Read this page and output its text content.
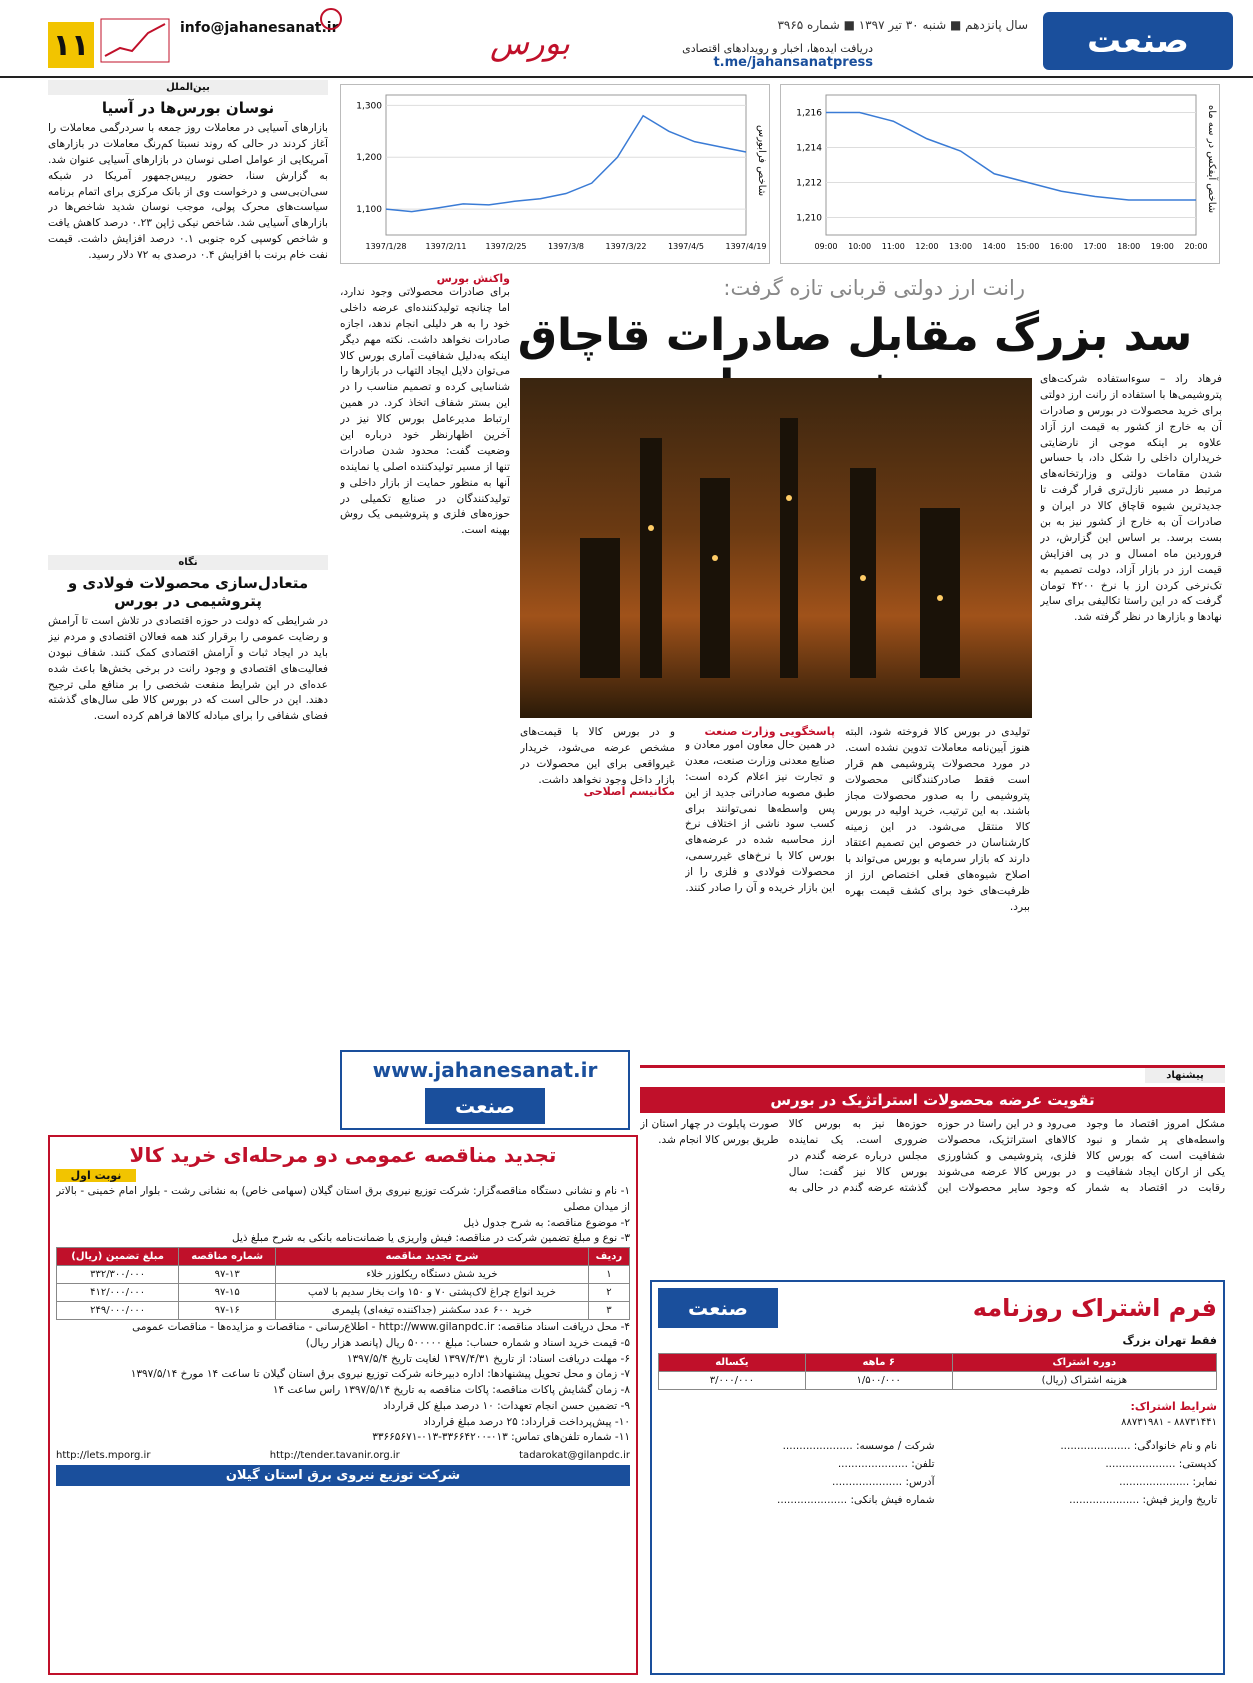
صنعت
سال پانزدهم ■ شنبه ۳۰ تیر ۱۳۹۷ ■ شماره ۳۹۶۵
دریافت ایده‌ها، اخبار و رویدادهای اقتصادی
t.me/jahansanatpress
بورس
info@jahanesanat.ir
۱۱
1,216
1,214
1,212
1,210
09:00 10:00 11:00 12:00 13:00 14:00 15:00 16:00 17:00 18:00 19:00 20:00
شاخص آیفکس در سه ماه
1,300
1,200
1,100
1397/1/28 1397/2/11 1397/2/25	1397/3/8	1397/3/22	1397/4/5	1397/4/19
شاخص فرابورس
بین‌الملل
نوسان بورس‌ها در آسیا
بازارهای آسیایی در معاملات روز جمعه با سردرگمی معاملات را آغاز کردند در حالی که روند نسبتا کم‌رنگ معاملات در بازارهای آمریکایی از عوامل اصلی نوسان در بازارهای آسیایی عنوان شد. به گزارش سنا، حضور رییس‌جمهور آمریکا در شبکه سی‌ان‌بی‌سی و درخواست وی از بانک مرکزی برای اتمام برنامه سیاست‌های محرک پولی، موجب نوسان شدید شاخص‌ها در بازارهای آسیایی شد. شاخص نیکی ژاپن ۰.۲۳ درصد کاهش یافت و شاخص کوسپی کره جنوبی ۰.۱ درصد افزایش داشت. قیمت نفت خام برنت با افزایش ۰.۴ درصدی به ۷۲ دلار رسید.
نگاه
متعادل‌سازی محصولات فولادی و پتروشیمی در بورس
در شرایطی که دولت در حوزه اقتصادی در تلاش است تا آرامش و رضایت عمومی را برقرار کند همه فعالان اقتصادی و مردم نیز باید در ایجاد ثبات و آرامش اقتصادی کمک کنند. شفاف نبودن فعالیت‌های اقتصادی و وجود رانت در برخی بخش‌ها باعث شده عده‌ای در این شرایط منفعت شخصی را بر منافع ملی ترجیح دهند. این در حالی است که در بورس کالا طی سال‌های گذشته فضای شفافی را برای مبادله کالاها فراهم کرده است.
رانت ارز دولتی قربانی تازه گرفت:
سد بزرگ مقابل صادرات قاچاق
فرهاد راد – سوءاستفاده شرکت‌های پتروشیمی‌ها با استفاده از رانت ارز دولتی برای خرید محصولات در بورس و صادرات آن به خارج از کشور به قیمت ارز آزاد علاوه بر اینکه موجی از نارضایتی خریداران داخلی را شکل داد، با حساس شدن مقامات دولتی و وزارتخانه‌های مرتبط در مسیر نازل‌تری قرار گرفت تا جدیدترین شیوه قاچاق کالا در ایران و صادرات آن به خارج از کشور نیز به بن بست برسد. بر اساس این گزارش، در فروردین ماه امسال و در پی افزایش قیمت ارز در بازار آزاد، دولت تصمیم به تک‌نرخی کردن ارز با نرخ ۴۲۰۰ تومان گرفت که در این راستا تکالیفی برای سایر نهادها و بازارها در نظر گرفته شد.
تولیدی در بورس کالا فروخته شود، البته هنوز آیین‌نامه معاملات تدوین نشده است. در مورد محصولات پتروشیمی هم قرار است فقط صادرکنندگانی محصولات پتروشیمی را به صدور محصولات مجاز باشند. به این ترتیب، خرید اولیه در بورس کالا منتقل می‌شود. در این زمینه کارشناسان در خصوص این تصمیم اعتقاد دارند که بازار سرمایه و بورس می‌تواند با اصلاح شیوه‌های فعلی اختصاص ارز از ظرفیت‌های خود برای کشف قیمت بهره ببرد.
پاسخگویی وزارت صنعت
در همین حال معاون امور معادن و صنایع معدنی وزارت صنعت، معدن و تجارت نیز اعلام کرده است: طبق مصوبه صادراتی جدید از این پس واسطه‌ها نمی‌توانند برای کسب سود ناشی از اختلاف نرخ ارز محاسبه شده در عرضه‌های بورس کالا با نرخ‌های غیررسمی، محصولات فولادی و فلزی را از این بازار خریده و آن را صادر کنند.
و در بورس کالا با قیمت‌های مشخص عرضه می‌شود، خریدار غیرواقعی برای این محصولات در بازار داخل وجود نخواهد داشت.
مکانیسم اصلاحی
واکنش بورس
برای صادرات محصولاتی وجود ندارد، اما چنانچه تولیدکننده‌ای عرضه داخلی خود را به هر دلیلی انجام ندهد، اجازه صادرات نخواهد داشت. نکته مهم دیگر اینکه به‌دلیل شفافیت آماری بورس کالا می‌توان دلایل ایجاد التهاب در بازارها را شناسایی کرده و تصمیم مناسب را در این بستر شفاف اتخاذ کرد. در همین ارتباط مدیرعامل بورس کالا نیز در آخرین اظهارنظر خود درباره این وضعیت گفت: محدود شدن صادرات تنها از مسیر تولیدکننده اصلی یا نماینده آنها به منظور حمایت از بازار داخلی و تولیدکنندگان در صنایع تکمیلی در حوزه‌های فلزی و پتروشیمی یک روش بهینه است.
www.jahanesanat.ir
صنعت
پیشنهاد
تقویت عرضه محصولات استراتژیک در بورس
مشکل امروز اقتصاد ما وجود واسطه‌های پر شمار و نبود شفافیت است که بورس کالا یکی از ارکان ایجاد شفافیت و رقابت در اقتصاد به شمار می‌رود و در این راستا در حوزه کالاهای استراتژیک، محصولات فلزی، پتروشیمی و کشاورزی در بورس کالا عرضه می‌شوند که وجود سایر محصولات این حوزه‌ها نیز به بورس کالا ضروری است. یک نماینده مجلس درباره عرضه گندم در بورس کالا نیز گفت: سال گذشته عرضه گندم در حالی به صورت پایلوت در چهار استان از طریق بورس کالا انجام شد.
تجدید مناقصه عمومی دو مرحله‌ای خرید کالا
نوبت اول
۱- نام و نشانی دستگاه مناقصه‌گزار: شرکت توزیع نیروی برق استان گیلان (سهامی خاص) به نشانی رشت - بلوار امام خمینی - بالاتر از میدان مصلی
۲- موضوع مناقصه: به شرح جدول ذیل
۳- نوع و مبلغ تضمین شرکت در مناقصه: فیش واریزی یا ضمانت‌نامه بانکی به شرح مبلغ ذیل
ردیف	شرح تجدید مناقصه	شماره مناقصه	مبلغ تضمین (ریال)
۱	خرید شش دستگاه ریکلوزر خلاء	۹۷-۱۳	۳۳۲/۳۰۰/۰۰۰
۲	خرید انواع چراغ لاک‌پشتی ۷۰ و ۱۵۰ وات بخار سدیم با لامپ	۹۷-۱۵	۴۱۲/۰۰۰/۰۰۰
۳	خرید ۶۰۰ عدد سکشنر (جداکننده تیغه‌ای) پلیمری	۹۷-۱۶	۲۴۹/۰۰۰/۰۰۰
۴- محل دریافت اسناد مناقصه: http://www.gilanpdc.ir - اطلاع‌رسانی - مناقصات و مزایده‌ها - مناقصات عمومی
۵- قیمت خرید اسناد و شماره حساب: مبلغ ۵۰۰۰۰۰ ریال (پانصد هزار ریال)
۶- مهلت دریافت اسناد: از تاریخ ۱۳۹۷/۴/۳۱ لغایت تاریخ ۱۳۹۷/۵/۴
۷- زمان و محل تحویل پیشنهادها: اداره دبیرخانه شرکت توزیع نیروی برق استان گیلان تا ساعت ۱۴ مورخ ۱۳۹۷/۵/۱۴
۸- زمان گشایش پاکات مناقصه: پاکات مناقصه به تاریخ ۱۳۹۷/۵/۱۴ راس ساعت ۱۴
۹- تضمین حسن انجام تعهدات: ۱۰ درصد مبلغ کل قرارداد
۱۰- پیش‌پرداخت قرارداد: ۲۵ درصد مبلغ قرارداد
۱۱- شماره تلفن‌های تماس: ۰۱۳-۳۳۶۶۴۲۰۰-۰۱۳-۳۳۶۶۵۶۷۱
http://lets.mporg.ir	http://tender.tavanir.org.ir	tadarokat@gilanpdc.ir
شرکت توزیع نیروی برق استان گیلان
صنعت	فرم اشتراک روزنامه
فقط تهران بزرگ
دوره اشتراک	۶ ماهه	یکساله
هزینه اشتراک (ریال)	۱/۵۰۰/۰۰۰	۳/۰۰۰/۰۰۰
شرایط اشتراک:
۸۸۷۳۱۴۴۱ - ۸۸۷۳۱۹۸۱
نام و نام خانوادگی: .....................
شرکت / موسسه: .....................
کدپستی: .....................
تلفن: .....................
نمابر: .....................
آدرس: .....................
تاریخ واریز فیش: .....................
شماره فیش بانکی: .....................
